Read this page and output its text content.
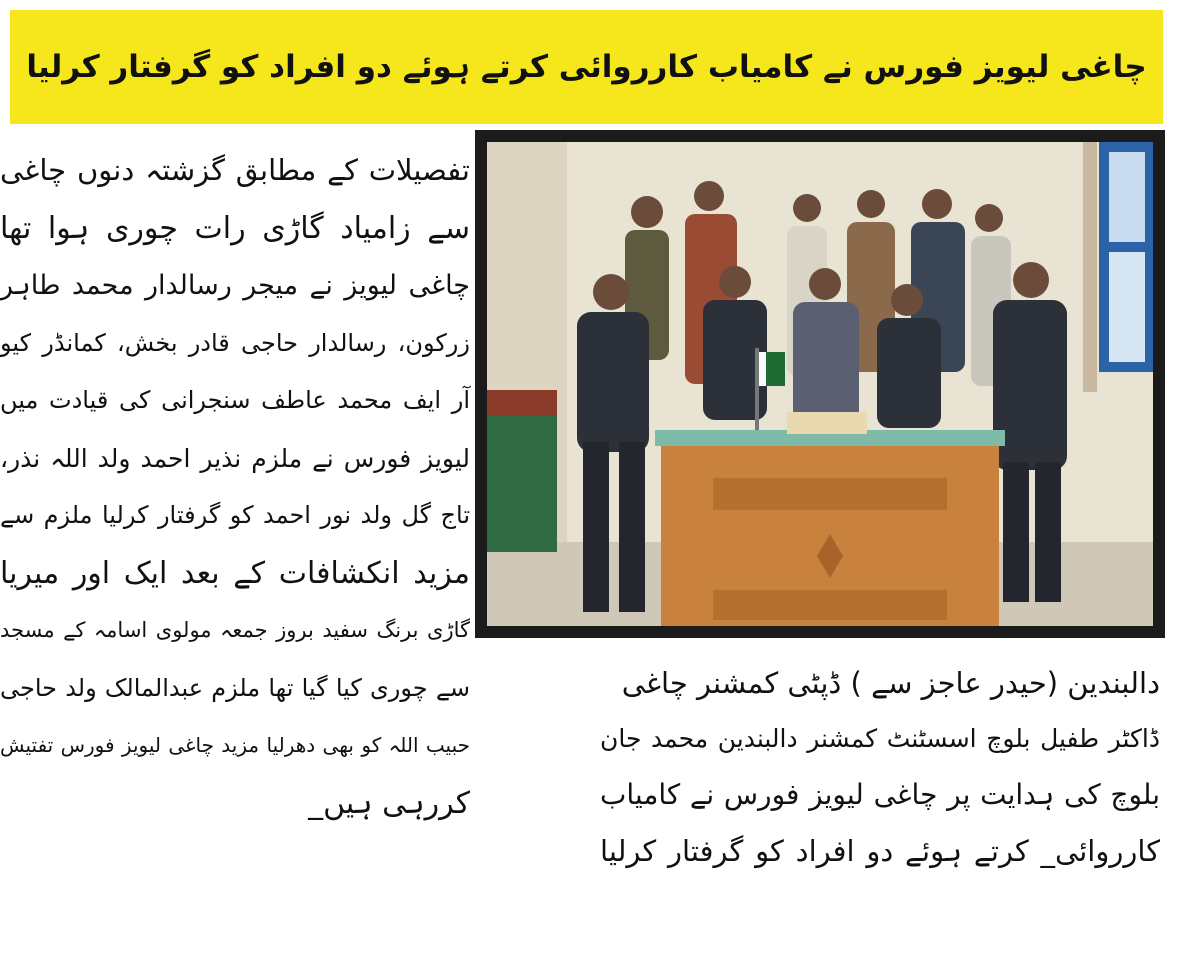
چاغی لیویز فورس نے کامیاب کارروائی کرتے ہوئے دو افراد کو گرفتار کرلیا

تفصیلات کے مطابق گزشتہ دنوں چاغی

سے زامیاد گاڑی رات چوری ہوا تھا

چاغی لیویز نے میجر رسالدار محمد طاہر

زرکون، رسالدار حاجی قادر بخش، کمانڈر کیو

آر ایف محمد عاطف سنجرانی کی قیادت میں

لیویز فورس نے ملزم نذیر احمد ولد اللہ نذر،

تاج گل ولد نور احمد کو گرفتار کرلیا ملزم سے

مزید انکشافات کے بعد ایک اور میریا

گاڑی برنگ سفید بروز جمعہ مولوی اسامہ کے مسجد

سے چوری کیا گیا تھا ملزم عبدالمالک ولد حاجی

حبیب اللہ کو بھی دھرلیا مزید چاغی لیویز فورس تفتیش

کررہی ہیں_

دالبندین (حیدر عاجز سے ) ڈپٹی کمشنر چاغی

ڈاکٹر طفیل بلوچ اسسٹنٹ کمشنر دالبندین محمد جان

بلوچ کی ہدایت پر چاغی لیویز فورس نے کامیاب

کارروائی_ کرتے ہوئے دو افراد کو گرفتار کرلیا
